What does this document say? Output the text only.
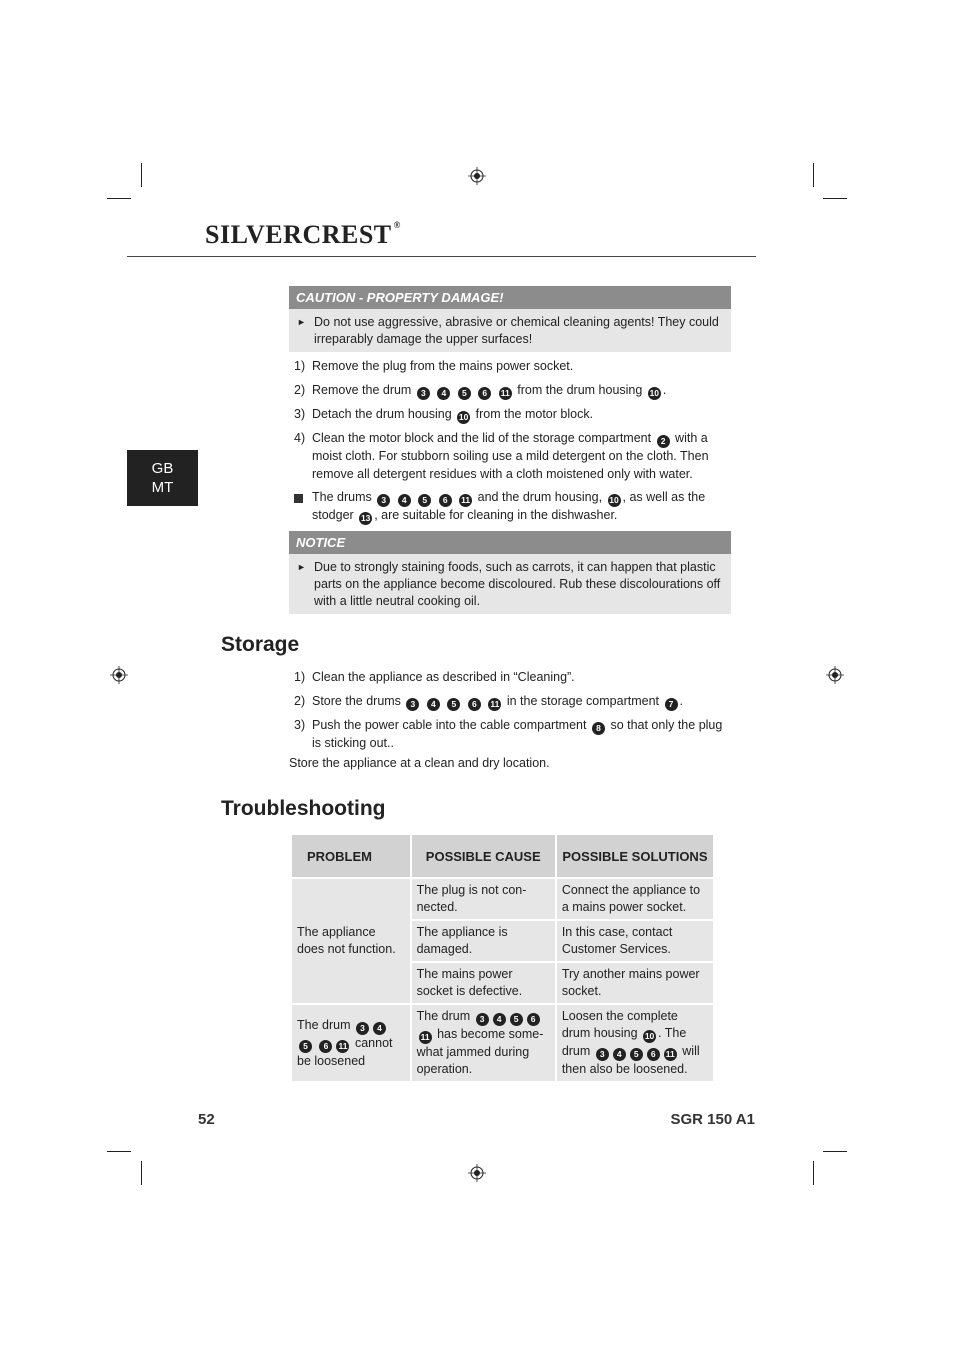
SILVERCREST ®
GB
MT
CAUTION - PROPERTY DAMAGE!
► Do not use aggressive, abrasive or chemical cleaning agents! They could irreparably damage the upper surfaces!
1) Remove the plug from the mains power socket.
2) Remove the drum 3 4 5 6 11 from the drum housing 10 .
3) Detach the drum housing 10 from the motor block.
4) Clean the motor block and the lid of the storage compartment 2 with a moist cloth. For stubborn soiling use a mild detergent on the cloth. Then remove all detergent residues with a cloth moistened only with water.
The drums 3 4 5 6 11 and the drum housing, 10 , as well as the stodger 13 , are suitable for cleaning in the dishwasher.
NOTICE
► Due to strongly staining foods, such as carrots, it can happen that plastic parts on the appliance become discoloured. Rub these discolourations off with a little neutral cooking oil.
Storage
1) Clean the appliance as described in “Cleaning”.
2) Store the drums 3 4 5 6 11 in the storage compartment 7 .
3) Push the power cable into the cable compartment 8 so that only the plug is sticking out..
Store the appliance at a clean and dry location.
Troubleshooting
PROBLEM	POSSIBLE CAUSE	POSSIBLE SOLUTIONS
The appliance does not function.	The plug is not con- nected.	Connect the appliance to a mains power socket.
	The appliance is damaged.	In this case, contact Customer Services.
	The mains power socket is defective.	Try another mains power socket.
The drum 3 45 6 11 cannot be loosened	The drum 3 4 5 6 11 has become some- what jammed during operation.	Loosen the complete drum housing 10 . The drum 3 4 5 6 11 will then also be loosened.
52	SGR 150 A1
